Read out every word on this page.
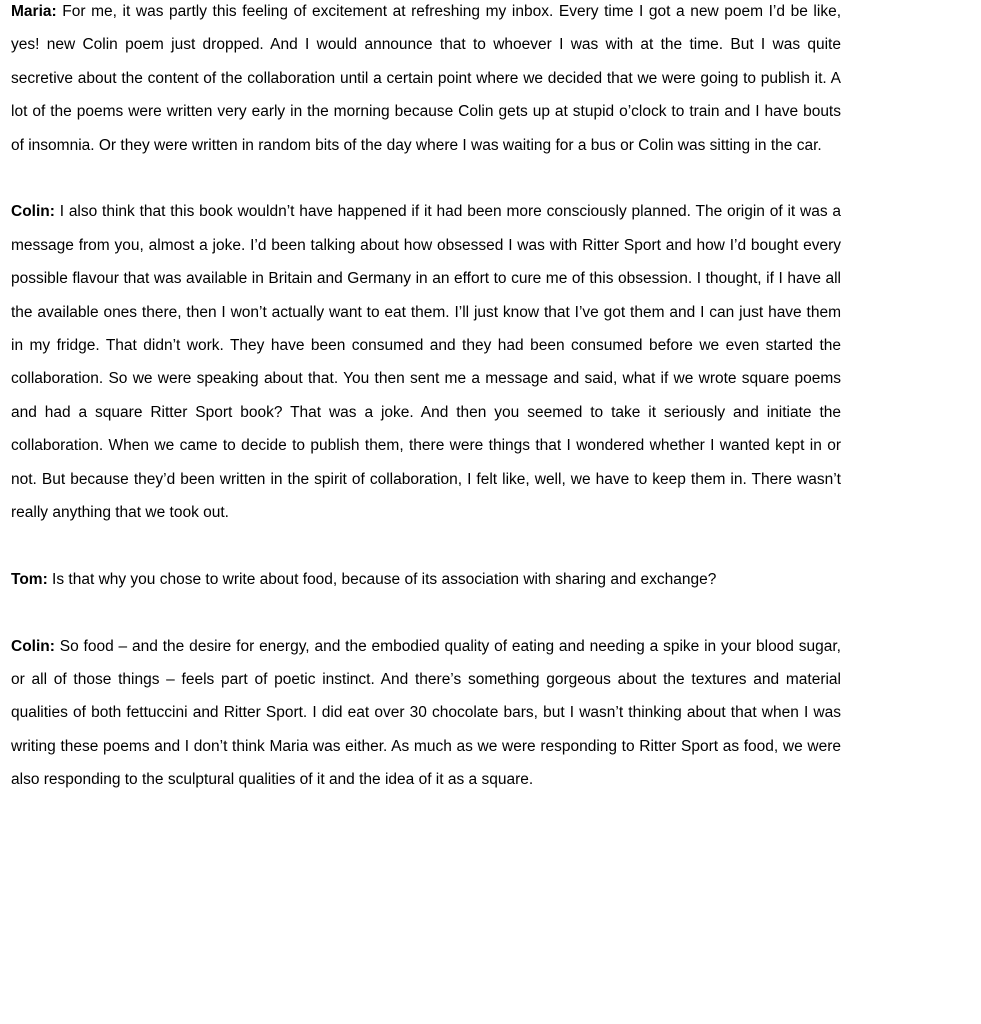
Maria: For me, it was partly this feeling of excitement at refreshing my inbox. Every time I got a new poem I’d be like, yes! new Colin poem just dropped. And I would announce that to whoever I was with at the time. But I was quite secretive about the content of the collaboration until a certain point where we decided that we were going to publish it. A lot of the poems were written very early in the morning because Colin gets up at stupid o’clock to train and I have bouts of insomnia. Or they were written in random bits of the day where I was waiting for a bus or Colin was sitting in the car.

Colin: I also think that this book wouldn’t have happened if it had been more consciously planned. The origin of it was a message from you, almost a joke. I’d been talking about how obsessed I was with Ritter Sport and how I’d bought every possible flavour that was available in Britain and Germany in an effort to cure me of this obsession. I thought, if I have all the available ones there, then I won’t actually want to eat them. I’ll just know that I’ve got them and I can just have them in my fridge. That didn’t work. They have been consumed and they had been consumed before we even started the collaboration. So we were speaking about that. You then sent me a message and said, what if we wrote square poems and had a square Ritter Sport book? That was a joke. And then you seemed to take it seriously and initiate the collaboration. When we came to decide to publish them, there were things that I wondered whether I wanted kept in or not. But because they’d been written in the spirit of collaboration, I felt like, well, we have to keep them in. There wasn’t really anything that we took out.

Tom: Is that why you chose to write about food, because of its association with sharing and exchange?

Colin: So food – and the desire for energy, and the embodied quality of eating and needing a spike in your blood sugar, or all of those things – feels part of poetic instinct. And there’s something gorgeous about the textures and material qualities of both fettuccini and Ritter Sport. I did eat over 30 chocolate bars, but I wasn’t thinking about that when I was writing these poems and I don’t think Maria was either. As much as we were responding to Ritter Sport as food, we were also responding to the sculptural qualities of it and the idea of it as a square.
